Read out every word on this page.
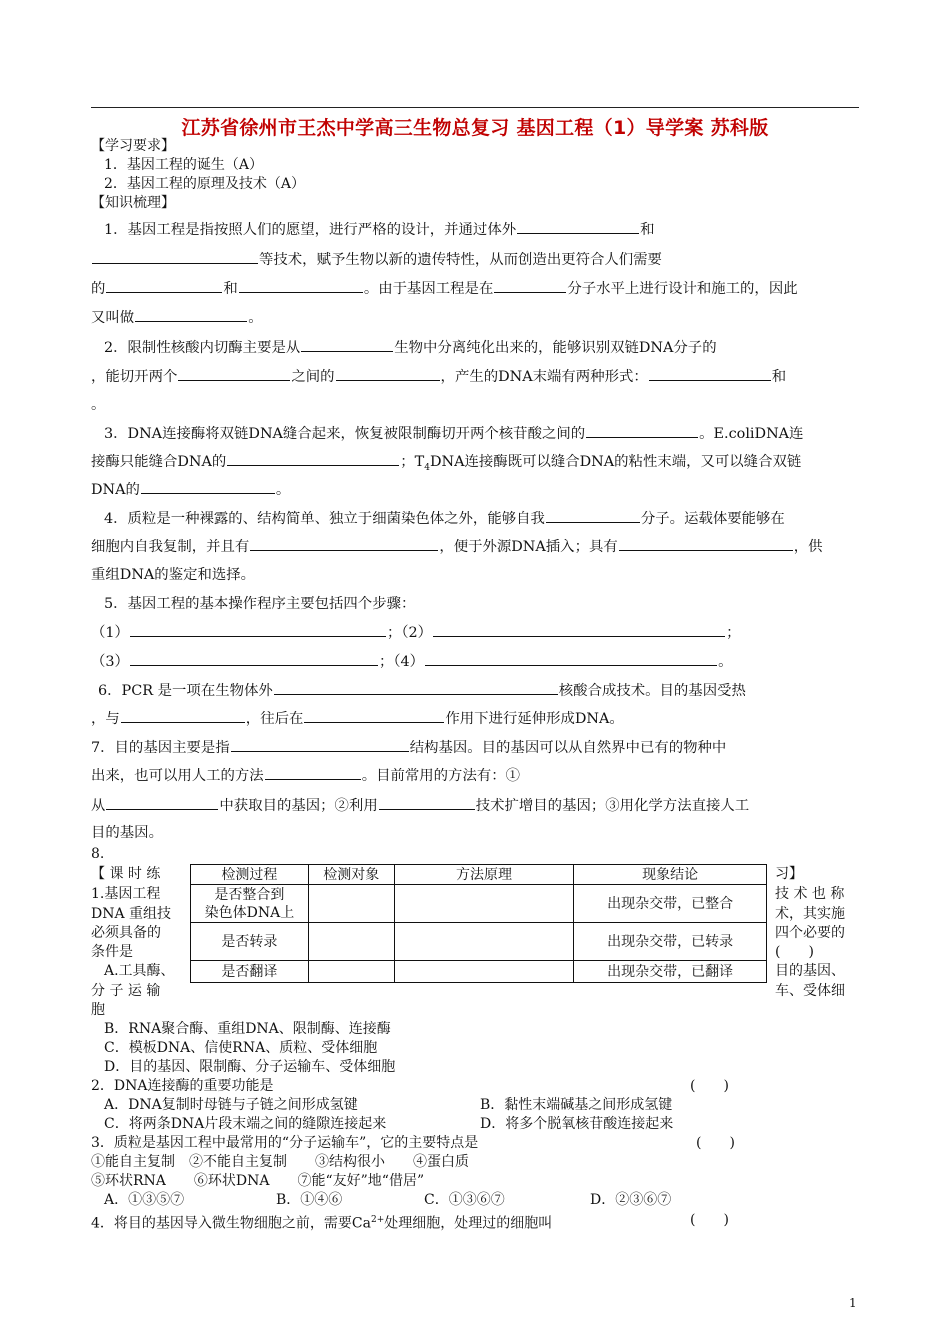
江苏省徐州市王杰中学高三生物总复习 基因工程（1）导学案 苏科版
【学习要求】
1．基因工程的诞生（A）
2．基因工程的原理及技术（A）
【知识梳理】
1．基因工程是指按照人们的愿望，进行严格的设计，并通过体外	和
等技术，赋予生物以新的遗传特性，从而创造出更符合人们需要
的	和	。由于基因工程是在	分子水平上进行设计和施工的，因此
又叫做	。
2．限制性核酸内切酶主要是从	生物中分离纯化出来的，能够识别双链DNA分子的
，能切开两个	之间的	，产生的DNA末端有两种形式：	和
。
3．DNA连接酶将双链DNA缝合起来，恢复被限制酶切开两个核苷酸之间的	。E.coliDNA连
接酶只能缝合DNA的	；$T_4DNA$连接酶既可以缝合DNA的粘性末端，又可以缝合双链
DNA的	。
4．质粒是一种裸露的、结构简单、独立于细菌染色体之外，能够自我	分子。运载体要能够在
细胞内自我复制，并且有	，便于外源DNA插入；具有	，供
重组DNA的鉴定和选择。
5．基因工程的基本操作程序主要包括四个步骤：
（1）	；（2）	；
（3）	；（4）	。
6．PCR 是一项在生物体外	核酸合成技术。目的基因受热
，与	，往后在	作用下进行延伸形成DNA。
7．目的基因主要是指	结构基因。目的基因可以从自然界中已有的物种中
出来，也可以用人工的方法	。目前常用的方法有：①
从	中获取目的基因；②利用	技术扩增目的基因；③用化学方法直接人工
目的基因。
8.
检测过程	检测对象	方法原理	现象结论
是否整合到
染色体DNA上			出现杂交带，已整合
是否转录			出现杂交带，已转录
是否翻译			出现杂交带，已翻译
【 课 时 练
1.基因工程
DNA 重组技
必须具备的
条件是
A.工具酶、
分 子 运 输
胞
习】
技 术 也 称
术，其实施
四个必要的
(　　)
目的基因、
车、受体细
B．RNA聚合酶、重组DNA、限制酶、连接酶
C．模板DNA、信使RNA、质粒、受体细胞
D．目的基因、限制酶、分子运输车、受体细胞
2．DNA连接酶的重要功能是	(　　)
A．DNA复制时母链与子链之间形成氢键	B．黏性末端碱基之间形成氢键
C．将两条DNA片段末端之间的缝隙连接起来	D．将多个脱氧核苷酸连接起来
3．质粒是基因工程中最常用的“分子运输车”，它的主要特点是	(　　)
①能自主复制　②不能自主复制　　③结构很小　　④蛋白质
⑤环状RNA　　⑥环状DNA　　⑦能“友好”地“借居”
A．①③⑤⑦	B．①④⑥	C．①③⑥⑦	D．②③⑥⑦
4．将目的基因导入微生物细胞之前，需要$Ca^{2+}$处理细胞，处理过的细胞叫	(　　)
1
